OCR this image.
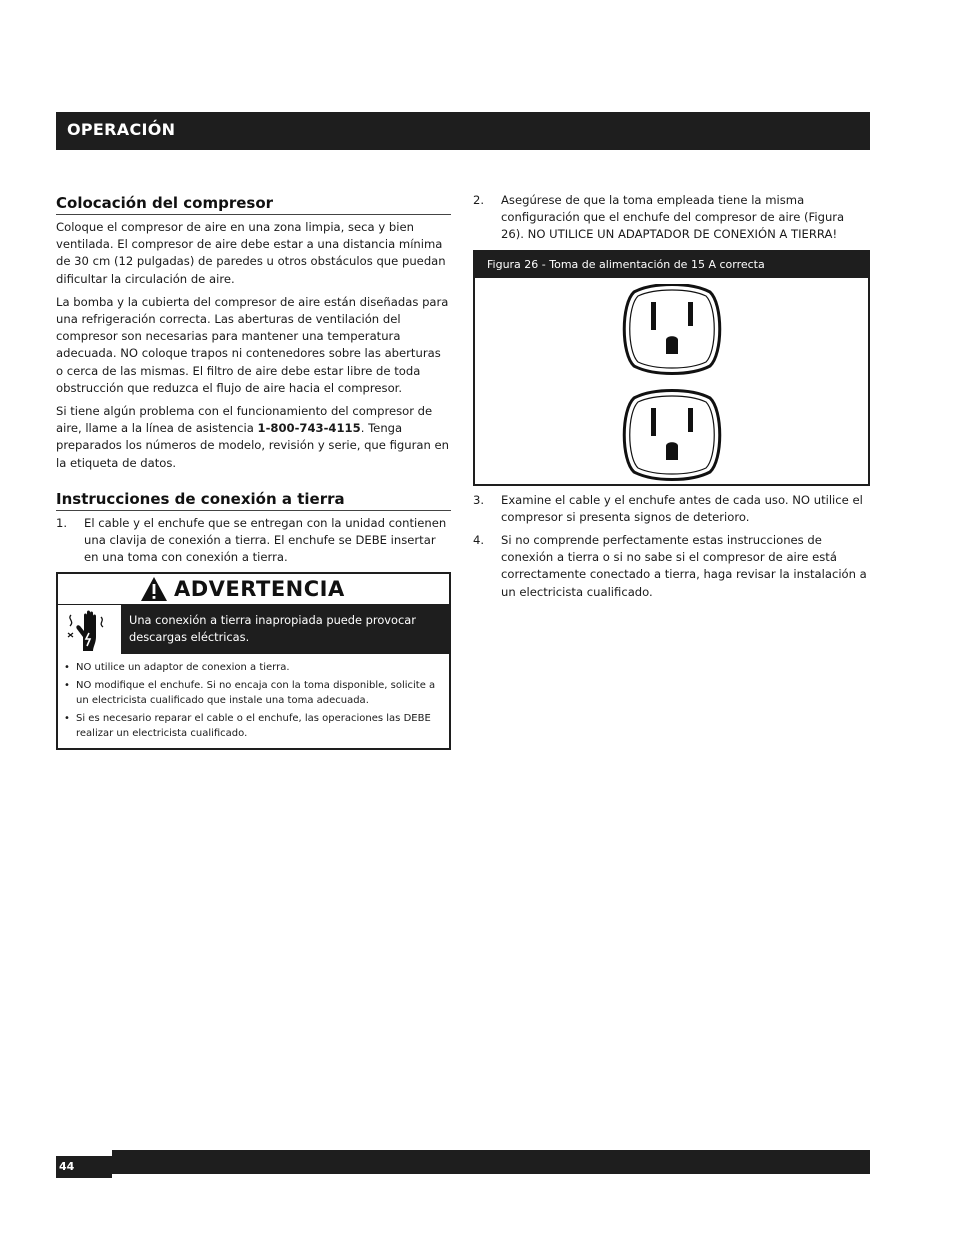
OPERACIÓN
Colocación del compresor

Coloque el compresor de aire en una zona limpia, seca y bien ventilada. El compresor de aire debe estar a una distancia mínima de 30 cm (12 pulgadas) de paredes u otros obstáculos que puedan dificultar la circulación de aire.

La bomba y la cubierta del compresor de aire están diseñadas para una refrigeración correcta. Las aberturas de ventilación del compresor son necesarias para mantener una temperatura adecuada. NO coloque trapos ni contenedores sobre las aberturas o cerca de las mismas. El filtro de aire debe estar libre de toda obstrucción que reduzca el flujo de aire hacia el compresor.

Si tiene algún problema con el funcionamiento del compresor de aire, llame a la línea de asistencia 1-800-743-4115. Tenga preparados los números de modelo, revisión y serie, que figuran en la etiqueta de datos.

Instrucciones de conexión a tierra
1.	El cable y el enchufe que se entregan con la unidad contienen una clavija de conexión a tierra. El enchufe se DEBE insertar en una toma con conexión a tierra.
ADVERTENCIA
Una conexión a tierra inapropiada puede provocar descargas eléctricas.
• NO utilice un adaptor de conexion a tierra.
• NO modifique el enchufe. Si no encaja con la toma disponible, solicite a un electricista cualificado que instale una toma adecuada.
• Si es necesario reparar el cable o el enchufe, las operaciones las DEBE realizar un electricista cualificado.
2.	Asegúrese de que la toma empleada tiene la misma configuración que el enchufe del compresor de aire (Figura 26). NO UTILICE UN ADAPTADOR DE CONEXIÓN A TIERRA!
Figura 26 - Toma de alimentación de 15 A correcta
3.	Examine el cable y el enchufe antes de cada uso. NO utilice el compresor si presenta signos de deterioro.
4.	Si no comprende perfectamente estas instrucciones de conexión a tierra o si no sabe si el compresor de aire está correctamente conectado a tierra, haga revisar la instalación a un electricista cualificado.
44
